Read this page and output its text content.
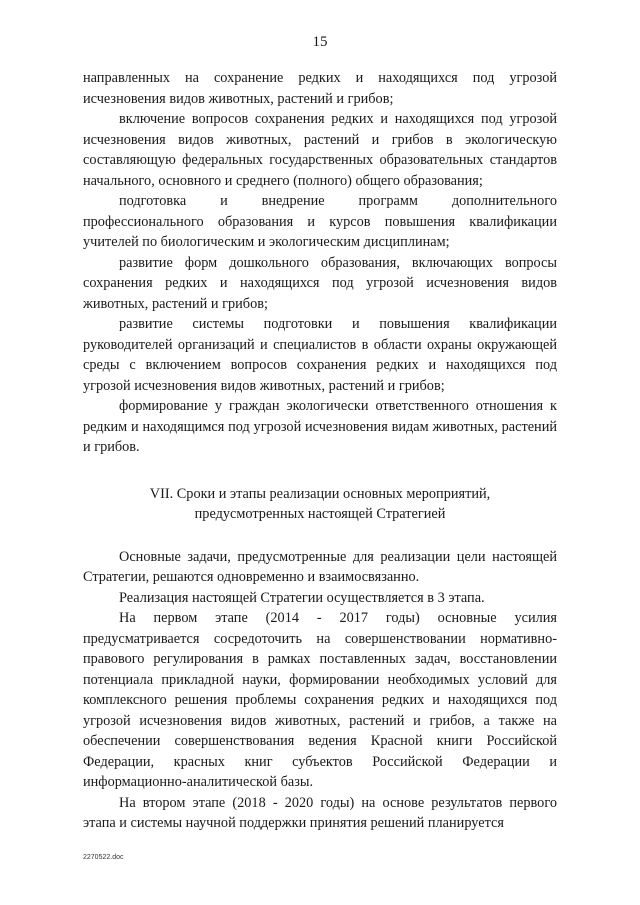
15

направленных на сохранение редких и находящихся под угрозой исчезновения видов животных, растений и грибов;

включение вопросов сохранения редких и находящихся под угрозой исчезновения видов животных, растений и грибов в экологическую составляющую федеральных государственных образовательных стандартов начального, основного и среднего (полного) общего образования;

подготовка и внедрение программ дополнительного профессионального образования и курсов повышения квалификации учителей по биологическим и экологическим дисциплинам;

развитие форм дошкольного образования, включающих вопросы сохранения редких и находящихся под угрозой исчезновения видов животных, растений и грибов;

развитие системы подготовки и повышения квалификации руководителей организаций и специалистов в области охраны окружающей среды с включением вопросов сохранения редких и находящихся под угрозой исчезновения видов животных, растений и грибов;

формирование у граждан экологически ответственного отношения к редким и находящимся под угрозой исчезновения видам животных, растений и грибов.

VII. Сроки и этапы реализации основных мероприятий,
предусмотренных настоящей Стратегией

Основные задачи, предусмотренные для реализации цели настоящей Стратегии, решаются одновременно и взаимосвязанно.

Реализация настоящей Стратегии осуществляется в 3 этапа.

На первом этапе (2014 - 2017 годы) основные усилия предусматривается сосредоточить на совершенствовании нормативно-правового регулирования в рамках поставленных задач, восстановлении потенциала прикладной науки, формировании необходимых условий для комплексного решения проблемы сохранения редких и находящихся под угрозой исчезновения видов животных, растений и грибов, а также на обеспечении совершенствования ведения Красной книги Российской Федерации, красных книг субъектов Российской Федерации и информационно-аналитической базы.

На втором этапе (2018 - 2020 годы) на основе результатов первого этапа и системы научной поддержки принятия решений планируется

2270522.doc
